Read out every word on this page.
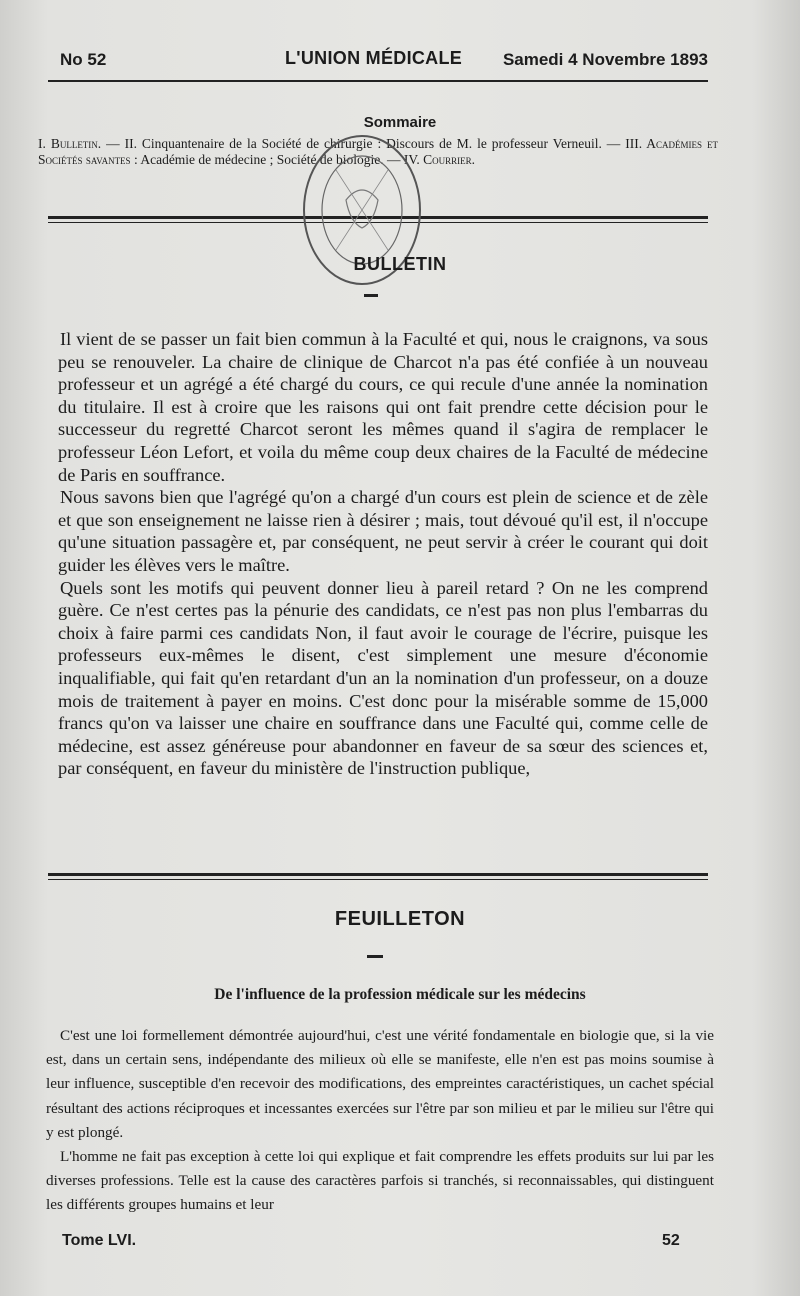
No 52	L'UNION MÉDICALE Samedi 4 Novembre 1893
Sommaire
I. Bulletin. — II. Cinquantenaire de la Société de chirurgie : Discours de M. le professeur Verneuil. — III. Académies et Sociétés savantes : Académie de médecine ; Société de biologie. — IV. Courrier.
BULLETIN

Il vient de se passer un fait bien commun à la Faculté et qui, nous le craignons, va sous peu se renouveler. La chaire de clinique de Charcot n'a pas été confiée à un nouveau professeur et un agrégé a été chargé du cours, ce qui recule d'une année la nomination du titulaire. Il est à croire que les raisons qui ont fait prendre cette décision pour le successeur du regretté Charcot seront les mêmes quand il s'agira de remplacer le professeur Léon Lefort, et voila du même coup deux chaires de la Faculté de médecine de Paris en souffrance.

Nous savons bien que l'agrégé qu'on a chargé d'un cours est plein de science et de zèle et que son enseignement ne laisse rien à désirer ; mais, tout dévoué qu'il est, il n'occupe qu'une situation passagère et, par conséquent, ne peut servir à créer le courant qui doit guider les élèves vers le maître.

Quels sont les motifs qui peuvent donner lieu à pareil retard ? On ne les comprend guère. Ce n'est certes pas la pénurie des candidats, ce n'est pas non plus l'embarras du choix à faire parmi ces candidats Non, il faut avoir le courage de l'écrire, puisque les professeurs eux-mêmes le disent, c'est simplement une mesure d'économie inqualifiable, qui fait qu'en retardant d'un an la nomination d'un professeur, on a douze mois de traitement à payer en moins. C'est donc pour la misérable somme de 15,000 francs qu'on va laisser une chaire en souffrance dans une Faculté qui, comme celle de médecine, est assez généreuse pour abandonner en faveur de sa sœur des sciences et, par conséquent, en faveur du ministère de l'instruction publique,

FEUILLETON
De l'influence de la profession médicale sur les médecins

C'est une loi formellement démontrée aujourd'hui, c'est une vérité fondamentale en biologie que, si la vie est, dans un certain sens, indépendante des milieux où elle se manifeste, elle n'en est pas moins soumise à leur influence, susceptible d'en recevoir des modifications, des empreintes caractéristiques, un cachet spécial résultant des actions réciproques et incessantes exercées sur l'être par son milieu et par le milieu sur l'être qui y est plongé.

L'homme ne fait pas exception à cette loi qui explique et fait comprendre les effets produits sur lui par les diverses professions. Telle est la cause des caractères parfois si tranchés, si reconnaissables, qui distinguent les différents groupes humains et leur

Tome LVI.	52
